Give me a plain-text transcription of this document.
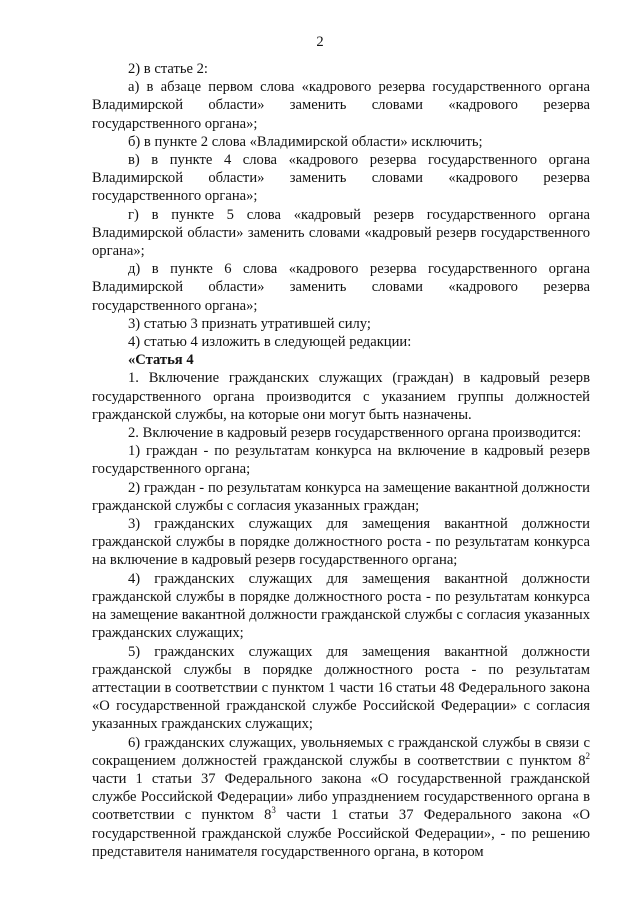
2

2) в статье 2:

а) в абзаце первом слова «кадрового резерва государственного органа Владимирской области» заменить словами «кадрового резерва государственного органа»;

б) в пункте 2 слова «Владимирской области» исключить;

в) в пункте 4 слова «кадрового резерва государственного органа Владимирской области» заменить словами «кадрового резерва государственного органа»;

г) в пункте 5 слова «кадровый резерв государственного органа Владимирской области» заменить словами «кадровый резерв государственного органа»;

д) в пункте 6 слова «кадрового резерва государственного органа Владимирской области» заменить словами «кадрового резерва государственного органа»;

3) статью 3 признать утратившей силу;

4) статью 4 изложить в следующей редакции:

«Статья 4

1. Включение гражданских служащих (граждан) в кадровый резерв государственного органа производится с указанием группы должностей гражданской службы, на которые они могут быть назначены.

2. Включение в кадровый резерв государственного органа производится:

1) граждан - по результатам конкурса на включение в кадровый резерв государственного органа;

2) граждан - по результатам конкурса на замещение вакантной должности гражданской службы с согласия указанных граждан;

3) гражданских служащих для замещения вакантной должности гражданской службы в порядке должностного роста - по результатам конкурса на включение в кадровый резерв государственного органа;

4) гражданских служащих для замещения вакантной должности гражданской службы в порядке должностного роста - по результатам конкурса на замещение вакантной должности гражданской службы с согласия указанных гражданских служащих;

5) гражданских служащих для замещения вакантной должности гражданской службы в порядке должностного роста - по результатам аттестации в соответствии с пунктом 1 части 16 статьи 48 Федерального закона «О государственной гражданской службе Российской Федерации» с согласия указанных гражданских служащих;

6) гражданских служащих, увольняемых с гражданской службы в связи с сокращением должностей гражданской службы в соответствии с пунктом $8^2$ части 1 статьи 37 Федерального закона «О государственной гражданской службе Российской Федерации» либо упразднением государственного органа в соответствии с пунктом $8^3$ части 1 статьи 37 Федерального закона «О государственной гражданской службе Российской Федерации», - по решению представителя нанимателя государственного органа, в котором
